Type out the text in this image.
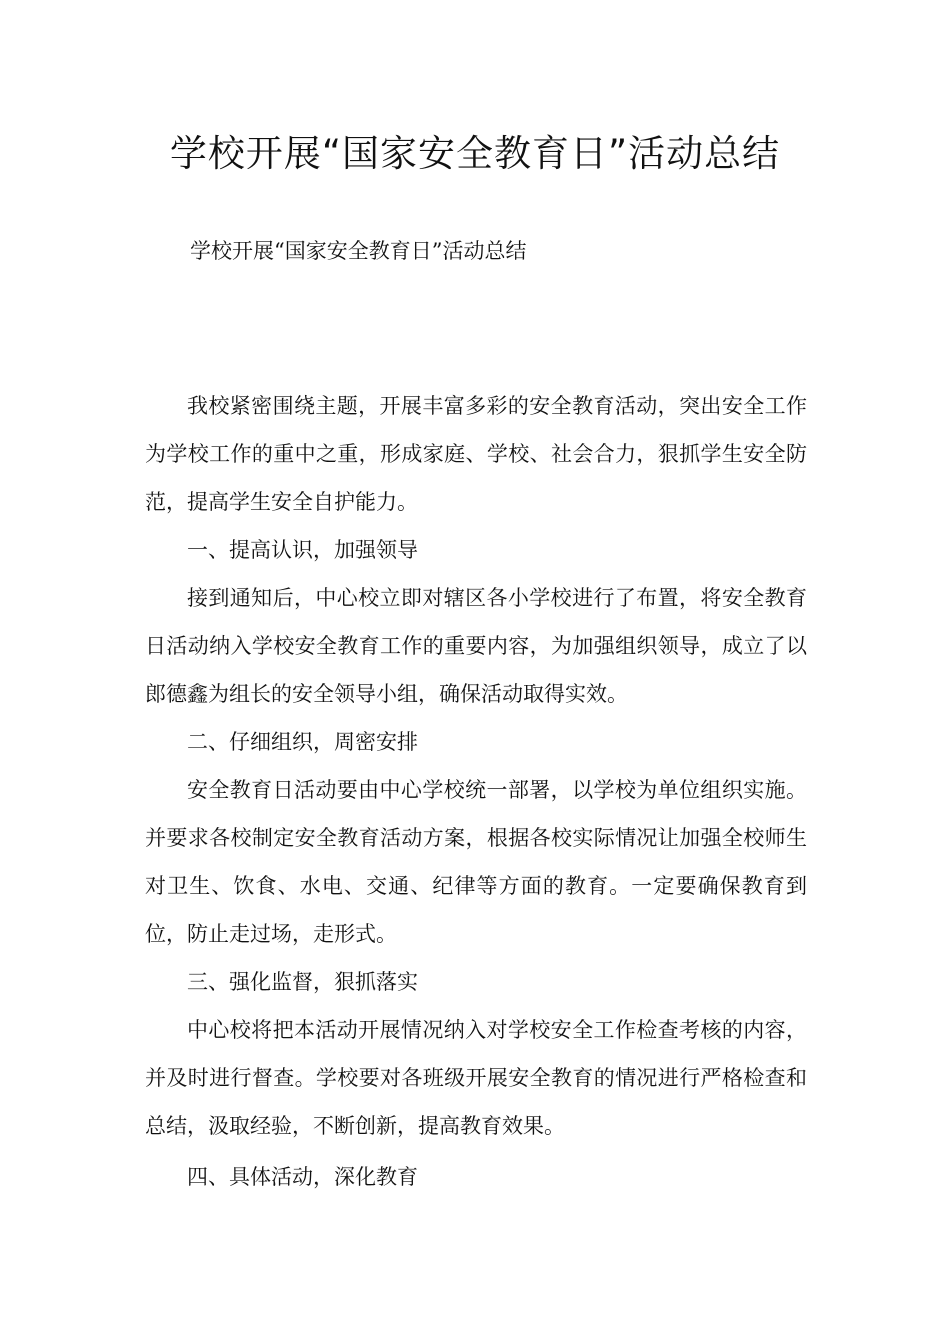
学校开展“国家安全教育日”活动总结
学校开展“国家安全教育日”活动总结

我校紧密围绕主题，开展丰富多彩的安全教育活动，突出安全工作为学校工作的重中之重，形成家庭、学校、社会合力，狠抓学生安全防范，提高学生安全自护能力。

一、提高认识，加强领导

接到通知后，中心校立即对辖区各小学校进行了布置，将安全教育日活动纳入学校安全教育工作的重要内容，为加强组织领导，成立了以郎德鑫为组长的安全领导小组，确保活动取得实效。

二、仔细组织，周密安排

安全教育日活动要由中心学校统一部署，以学校为单位组织实施。并要求各校制定安全教育活动方案，根据各校实际情况让加强全校师生对卫生、饮食、水电、交通、纪律等方面的教育。一定要确保教育到位，防止走过场，走形式。

三、强化监督，狠抓落实

中心校将把本活动开展情况纳入对学校安全工作检查考核的内容，并及时进行督查。学校要对各班级开展安全教育的情况进行严格检查和总结，汲取经验，不断创新，提高教育效果。

四、具体活动，深化教育
